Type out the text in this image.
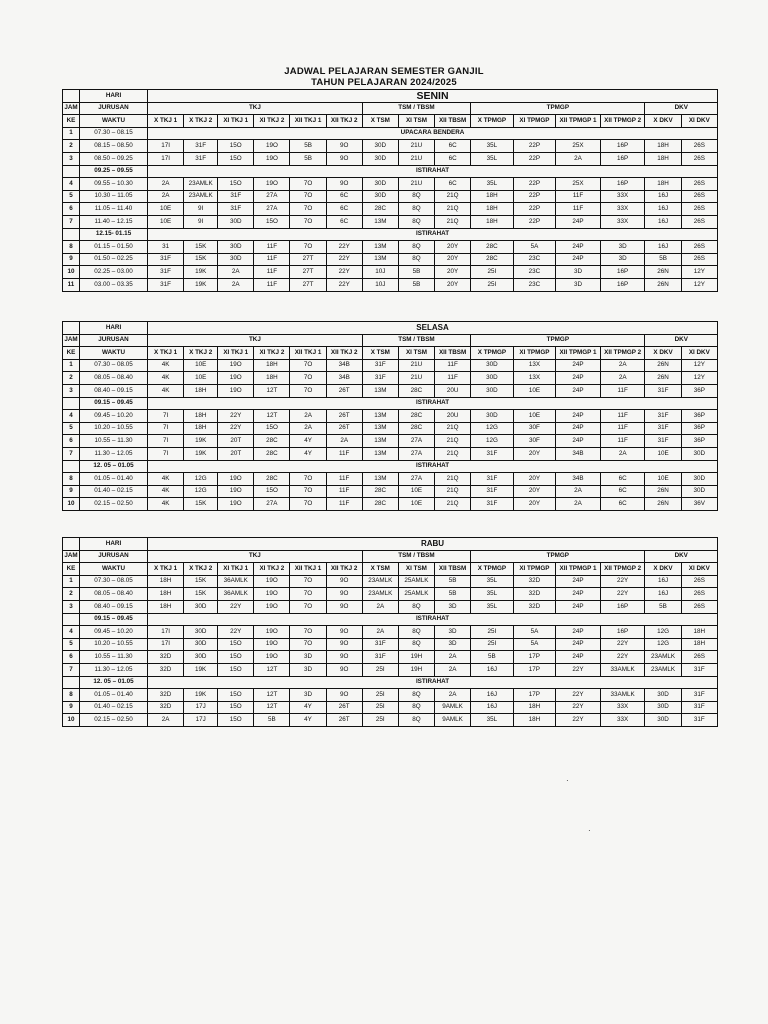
JADWAL PELAJARAN SEMESTER GANJIL
TAHUN PELAJARAN 2024/2025
	HARI	SENIN														
JAM	JURUSAN	TKJ						TSM / TBSM			TPMGP				DKV	
KE	WAKTU	X TKJ 1	X TKJ 2	XI TKJ 1	XI TKJ 2	XII TKJ 1	XII TKJ 2	X TSM	XI TSM	XII TBSM	X TPMGP	XI TPMGP	XII TPMGP 1	XII TPMGP 2	X DKV	XI DKV
1	07.30 – 08.15	UPACARA BENDERA														
2	08.15 – 08.50	17I	31F	15O	19O	5B	9O	30D	21U	6C	35L	22P	25X	16P	18H	26S
3	08.50 – 09.25	17I	31F	15O	19O	5B	9O	30D	21U	6C	35L	22P	2A	16P	18H	26S
	09.25 – 09.55	ISTIRAHAT														
4	09.55 – 10.30	2A	23AMLK	15O	19O	7O	9O	30D	21U	6C	35L	22P	25X	16P	18H	26S
5	10.30 – 11.05	2A	23AMLK	31F	27A	7O	6C	30D	8Q	21Q	18H	22P	11F	33X	16J	26S
6	11.05 – 11.40	10E	9I	31F	27A	7O	6C	28C	8Q	21Q	18H	22P	11F	33X	16J	26S
7	11.40 – 12.15	10E	9I	30D	15O	7O	6C	13M	8Q	21Q	18H	22P	24P	33X	16J	26S
	12.15- 01.15	ISTIRAHAT														
8	01.15 – 01.50	31	15K	30D	11F	7O	22Y	13M	8Q	20Y	28C	5A	24P	3D	16J	26S
9	01.50 – 02.25	31F	15K	30D	11F	27T	22Y	13M	8Q	20Y	28C	23C	24P	3D	5B	26S
10	02.25 – 03.00	31F	19K	2A	11F	27T	22Y	10J	5B	20Y	25I	23C	3D	16P	26N	12Y
11	03.00 – 03.35	31F	19K	2A	11F	27T	22Y	10J	5B	20Y	25I	23C	3D	16P	26N	12Y
	HARI	SELASA														
JAM	JURUSAN	TKJ						TSM / TBSM			TPMGP				DKV	
KE	WAKTU	X TKJ 1	X TKJ 2	XI TKJ 1	XI TKJ 2	XII TKJ 1	XII TKJ 2	X TSM	XI TSM	XII TBSM	X TPMGP	XI TPMGP	XII TPMGP 1	XII TPMGP 2	X DKV	XI DKV
1	07.30 – 08.05	4K	10E	19O	18H	7O	34B	31F	21U	11F	30D	13X	24P	2A	26N	12Y
2	08.05 – 08.40	4K	10E	19O	18H	7O	34B	31F	21U	11F	30D	13X	24P	2A	26N	12Y
3	08.40 – 09.15	4K	18H	19O	12T	7O	26T	13M	28C	20U	30D	10E	24P	11F	31F	36P
	09.15 – 09.45	ISTIRAHAT														
4	09.45 – 10.20	7I	18H	22Y	12T	2A	26T	13M	28C	20U	30D	10E	24P	11F	31F	36P
5	10.20 – 10.55	7I	18H	22Y	15O	2A	26T	13M	28C	21Q	12G	30F	24P	11F	31F	36P
6	10.55 – 11.30	7I	19K	20T	28C	4Y	2A	13M	27A	21Q	12G	30F	24P	11F	31F	36P
7	11.30 – 12.05	7I	19K	20T	28C	4Y	11F	13M	27A	21Q	31F	20Y	34B	2A	10E	30D
	12. 05 – 01.05	ISTIRAHAT														
8	01.05 – 01.40	4K	12G	19O	28C	7O	11F	13M	27A	21Q	31F	20Y	34B	6C	10E	30D
9	01.40 – 02.15	4K	12G	19O	15O	7O	11F	28C	10E	21Q	31F	20Y	2A	6C	26N	30D
10	02.15 – 02.50	4K	15K	19O	27A	7O	11F	28C	10E	21Q	31F	20Y	2A	6C	26N	36V
	HARI	RABU														
JAM	JURUSAN	TKJ						TSM / TBSM			TPMGP				DKV	
KE	WAKTU	X TKJ 1	X TKJ 2	XI TKJ 1	XI TKJ 2	XII TKJ 1	XII TKJ 2	X TSM	XI TSM	XII TBSM	X TPMGP	XI TPMGP	XII TPMGP 1	XII TPMGP 2	X DKV	XI DKV
1	07.30 – 08.05	18H	15K	36AMLK	19O	7O	9O	23AMLK	25AMLK	5B	35L	32D	24P	22Y	16J	26S
2	08.05 – 08.40	18H	15K	36AMLK	19O	7O	9O	23AMLK	25AMLK	5B	35L	32D	24P	22Y	16J	26S
3	08.40 – 09.15	18H	30D	22Y	19O	7O	9O	2A	8Q	3D	35L	32D	24P	16P	5B	26S
	09.15 – 09.45	ISTIRAHAT														
4	09.45 – 10.20	17I	30D	22Y	19O	7O	9O	2A	8Q	3D	25I	5A	24P	16P	12G	18H
5	10.20 – 10.55	17I	30D	15O	19O	7O	9O	31F	8Q	3D	25I	5A	24P	22Y	12G	18H
6	10.55 – 11.30	32D	30D	15O	19O	3D	9O	31F	19H	2A	5B	17P	24P	22Y	23AMLK	26S
7	11.30 – 12.05	32D	19K	15O	12T	3D	9O	25I	19H	2A	16J	17P	22Y	33AMLK	23AMLK	31F
	12. 05 – 01.05	ISTIRAHAT														
8	01.05 – 01.40	32D	19K	15O	12T	3D	9O	25I	8Q	2A	16J	17P	22Y	33AMLK	30D	31F
9	01.40 – 02.15	32D	17J	15O	12T	4Y	26T	25I	8Q	9AMLK	16J	18H	22Y	33X	30D	31F
10	02.15 – 02.50	2A	17J	15O	5B	4Y	26T	25I	8Q	9AMLK	35L	18H	22Y	33X	30D	31F
·
·
